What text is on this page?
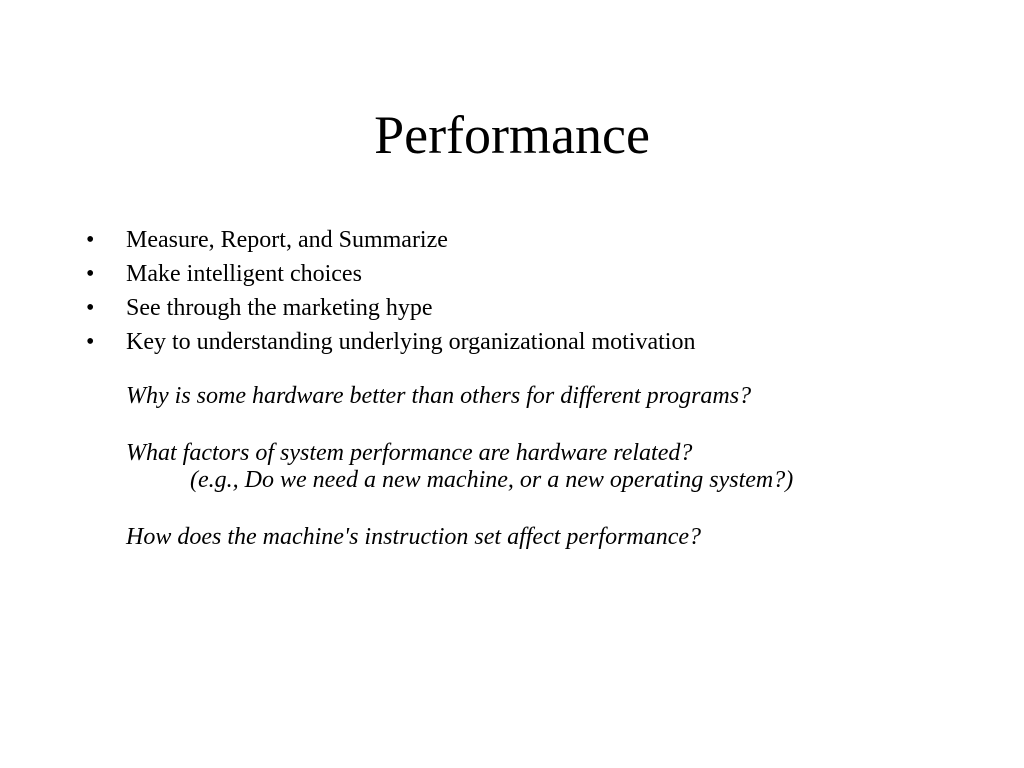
Performance
•	Measure, Report, and Summarize
•	Make intelligent choices
•	See through the marketing hype
•	Key to understanding underlying organizational motivation
Why is some hardware better than others for different programs?
What factors of system performance are hardware related?
(e.g., Do we need a new machine, or a new operating system?)
How does the machine's instruction set affect performance?
